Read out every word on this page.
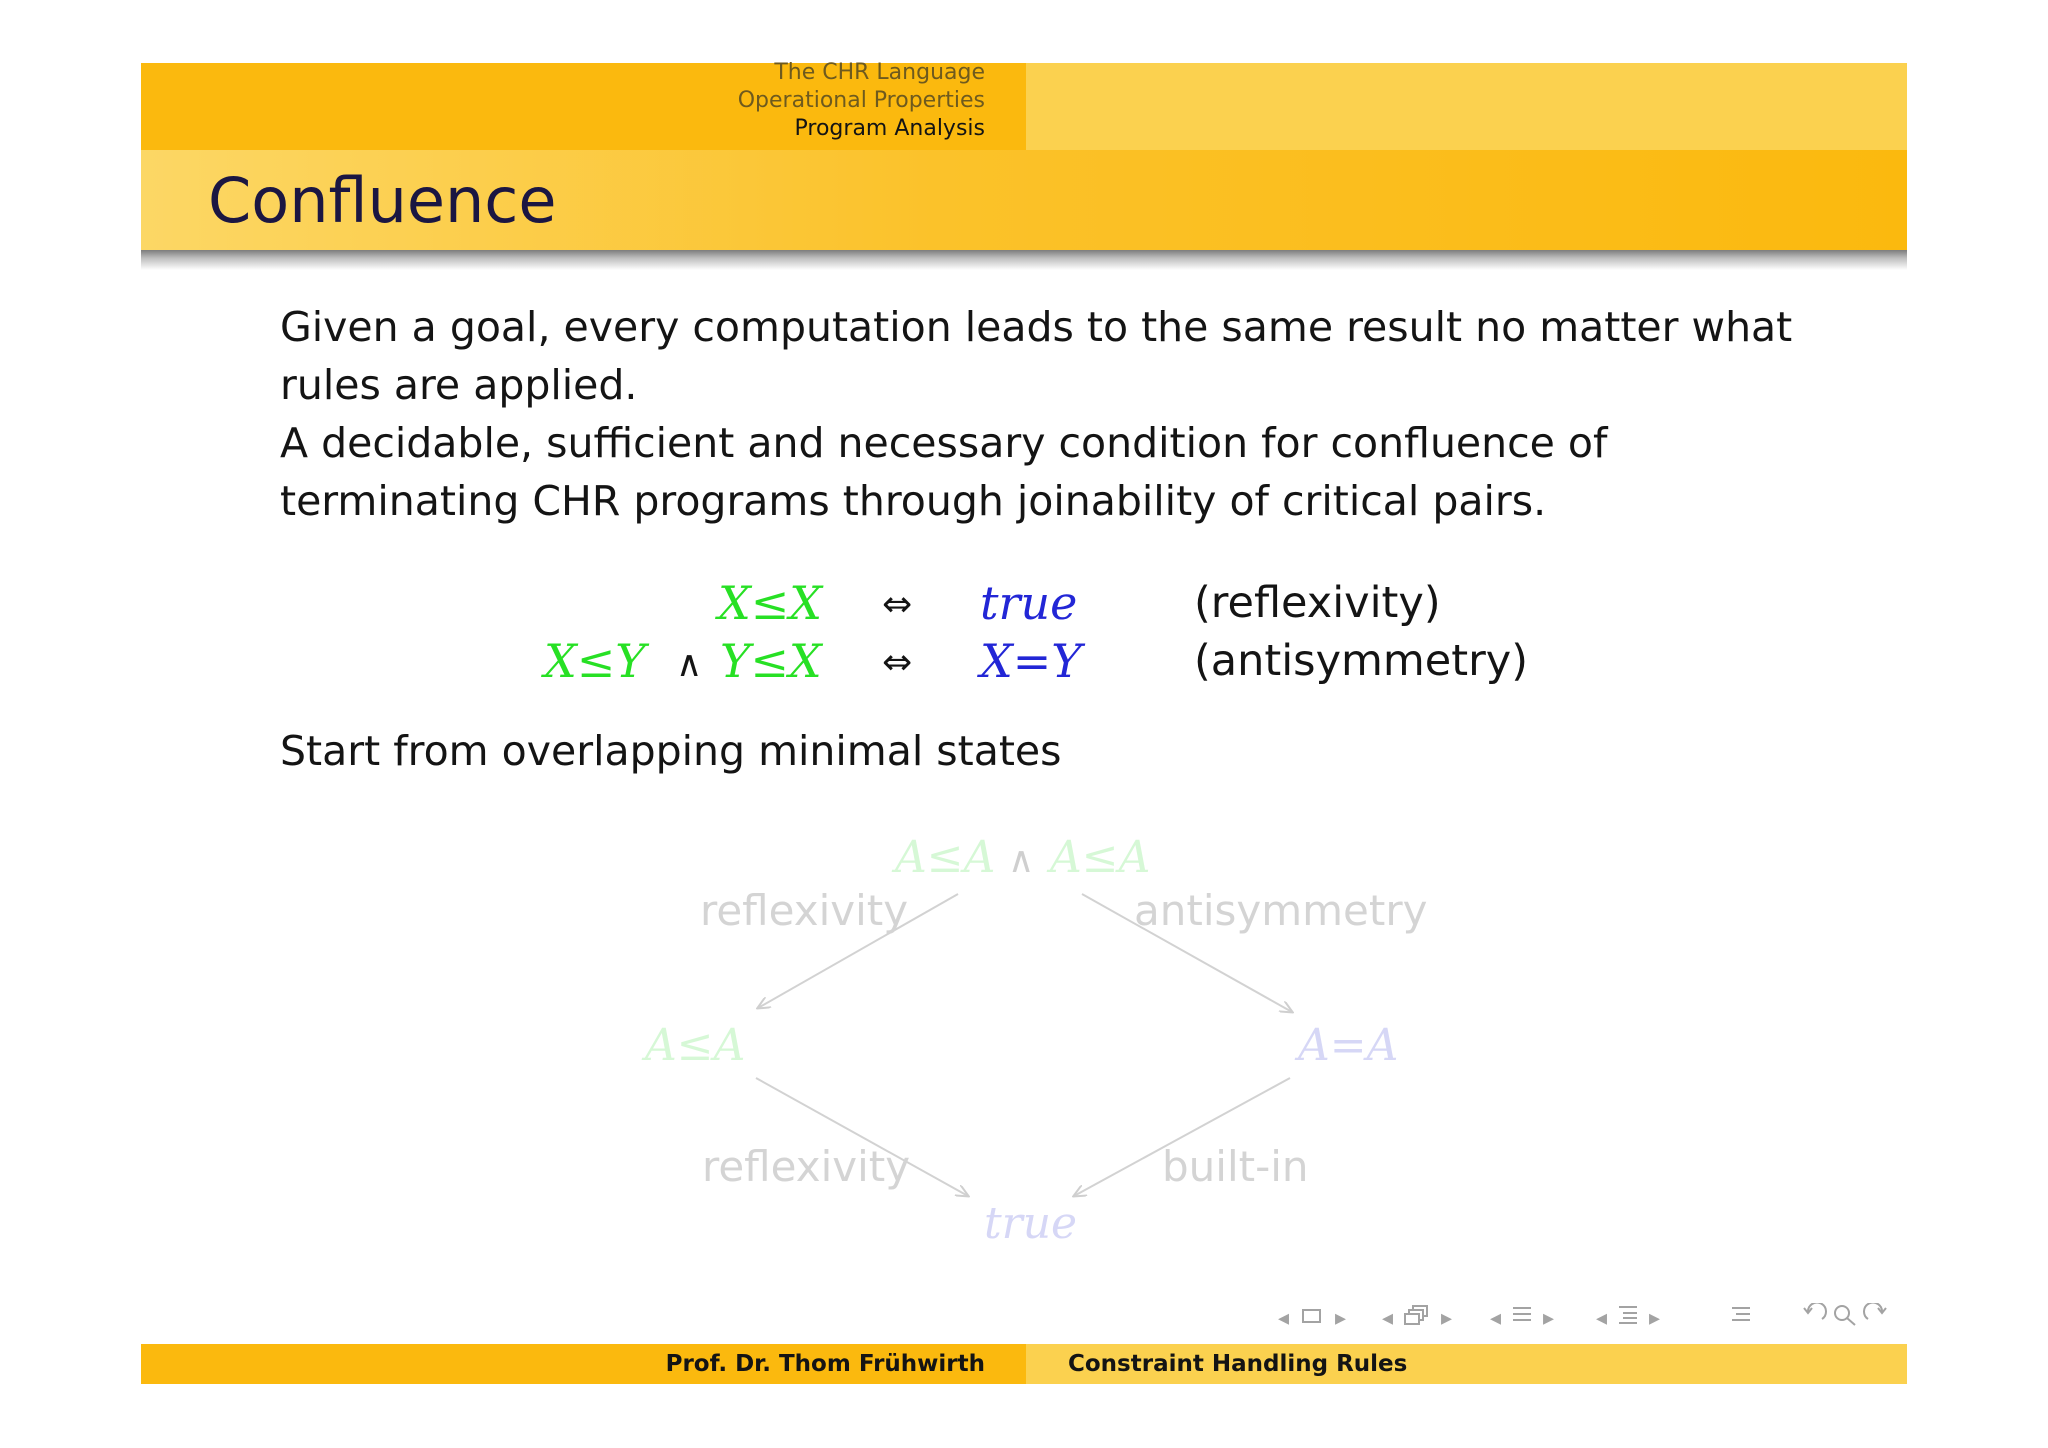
The CHR Language
Operational Properties
Program Analysis
Confluence
Given a goal, every computation leads to the same result no matter what
rules are applied.
A decidable, sufficient and necessary condition for confluence of
terminating CHR programs through joinability of critical pairs.
X≤X ⇔ true	(reflexivity)
X≤Y ∧ Y≤X ⇔ X=Y	(antisymmetry)
Start from overlapping minimal states
A≤A ∧ A≤A
reflexivity	antisymmetry
A≤A	A=A
reflexivity	built-in
true
◂ ▸ ◂ ▸ ◂ ▸ ◂ ▸
Prof. Dr. Thom Frühwirth	Constraint Handling Rules
